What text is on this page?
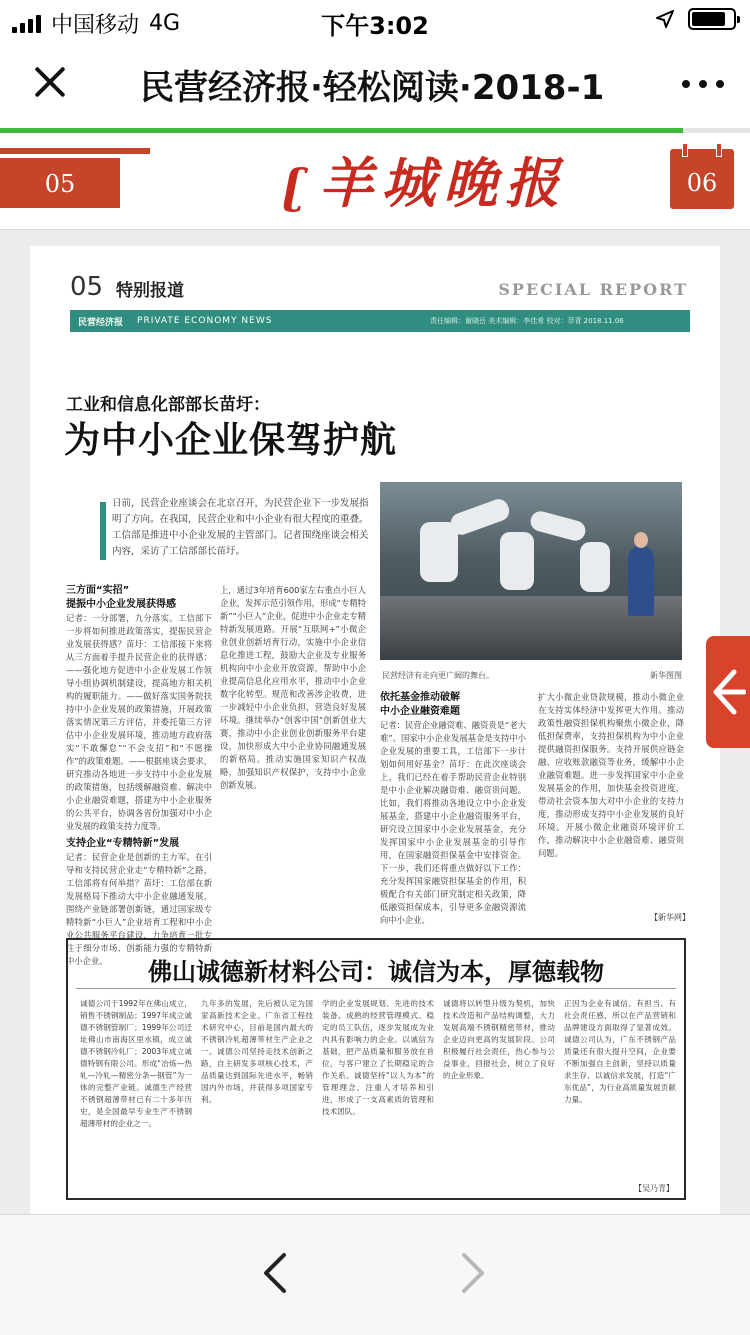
中国移动 4G	下午3:02
民营经济报·轻松阅读·2018-1
05	ʗ羊城晚报	06
05 特别报道	SPECIAL REPORT
民营经济报 PRIVATE ECONOMY NEWS	责任编辑：谢晓岳 美术编辑：李佳希 校对：萃青 2018.11.06
工业和信息化部部长苗圩：
为中小企业保驾护航
日前，民营企业座谈会在北京召开，为民营企业下一步发展指明了方向。在我国，民营企业和中小企业有很大程度的重叠。工信部是推进中小企业发展的主管部门。记者围绕座谈会相关内容，采访了工信部部长苗圩。
民营经济有走向更广阔的舞台。	新华图图
三方面“实招”
提振中小企业发展获得感

记者：一分部署，九分落实。工信部下一步将如何推进政策落实，提振民营企业发展获得感？苗圩：工信部接下来将从三方面着手提升民营企业的获得感：——强化地方促进中小企业发展工作领导小组协调机制建设，提高地方相关机构的履职能力。——做好落实国务院扶持中小企业发展的政策措施，开展政策落实情况第三方评估，并委托第三方评估中小企业发展环境，推动地方政府落实“不敢懈怠”“不会支招”和“不愿操作”的政策难题。——根据座谈会要求，研究推动各地进一步支持中小企业发展的政策措施，包括缓解融资难、解决中小企业融资难题，搭建为中小企业服务的公共平台，协调各省份加强对中小企业发展的政策支持力度等。

支持企业“专精特新”发展

记者：民营企业是创新的主力军。在引导和支持民营企业走“专精特新”之路，工信部将有何举措？苗圩：工信部在新发展格局下推动大中小企业融通发展，围绕产业链部署创新链，通过国家级专精特新“小巨人”企业培育工程和中小企业公共服务平台建设，力争培育一批专注于细分市场、创新能力强的专精特新中小企业。

上，通过3年培育600家左右重点小巨人企业，发挥示范引领作用，形成“专精特新”“小巨人”企业，促进中小企业走专精特新发展道路。开展“互联网+”小微企业创业创新培育行动，实施中小企业信息化推进工程，鼓励大企业及专业服务机构向中小企业开放资源，帮助中小企业提高信息化应用水平，推动中小企业数字化转型。规范和改善涉企收费，进一步减轻中小企业负担，营造良好发展环境。继续举办“创客中国”创新创业大赛，推动中小企业创业创新服务平台建设，加快形成大中小企业协同融通发展的新格局。推动实施国家知识产权战略，加强知识产权保护，支持中小企业创新发展。

依托基金推动破解
中小企业融资难题

记者：民营企业融资难、融资贵是“老大难”。国家中小企业发展基金是支持中小企业发展的重要工具，工信部下一步计划如何用好基金？苗圩：在此次座谈会上，我们已经在着手帮助民营企业特别是中小企业解决融资难、融资贵问题。比如，我们将推动各地设立中小企业发展基金，搭建中小企业融资服务平台，研究设立国家中小企业发展基金，充分发挥国家中小企业发展基金的引导作用，在国家融资担保基金中安排资金。下一步，我们还将重点做好以下工作：充分发挥国家融资担保基金的作用，积极配合有关部门研究制定相关政策，降低融资担保成本，引导更多金融资源流向中小企业。

扩大小微企业贷款规模，推动小微企业在支持实体经济中发挥更大作用。推动政策性融资担保机构聚焦小微企业，降低担保费率，支持担保机构为中小企业提供融资担保服务。支持开展供应链金融、应收账款融资等业务，缓解中小企业融资难题。进一步发挥国家中小企业发展基金的作用，加快基金投资进度，带动社会资本加大对中小企业的支持力度，推动形成支持中小企业发展的良好环境。开展小微企业融资环境评价工作，推动解决中小企业融资难、融资贵问题。

【新华网】
佛山诚德新材料公司：诚信为本，厚德载物
诚德公司于1992年在佛山成立，销售不锈钢制品；1997年成立诚德不锈钢管制厂；1999年公司迁址佛山市南海区里水镇，成立诚德不锈钢冷轧厂；2003年成立诚德特钢有限公司。形成“冶炼—热轧—冷轧—精密分条—钢管”为一体的完整产业链。诚德生产经营不锈钢超薄带材已有二十多年历史，是全国最早专业生产不锈钢超薄带材的企业之一。
九年多的发展，先后被认定为国家高新技术企业、广东省工程技术研究中心，目前是国内最大的不锈钢冷轧超薄带材生产企业之一。诚德公司坚持走技术创新之路，自主研发多项核心技术，产品质量达到国际先进水平，畅销国内外市场，并获得多项国家专利。
学的企业发展规划、先进的技术装备、成熟的经营管理模式、稳定的员工队伍，逐步发展成为业内具有影响力的企业。以诚信为基础，把产品质量和服务放在首位，与客户建立了长期稳定的合作关系。诚德坚持“以人为本”的管理理念，注重人才培养和引进，形成了一支高素质的管理和技术团队。
诚德将以转型升级为契机，加快技术改造和产品结构调整，大力发展高端不锈钢精密带材，推动企业迈向更高的发展阶段。公司积极履行社会责任，热心参与公益事业，回报社会，树立了良好的企业形象。
正因为企业有诚信、有担当、有社会责任感，所以在产品营销和品牌建设方面取得了显著成效。诚德公司认为，广东不锈钢产品质量还有很大提升空间，企业要不断加强自主创新，坚持以质量求生存、以诚信求发展，打造“广东优品”，为行业高质量发展贡献力量。
【吴乃青】
